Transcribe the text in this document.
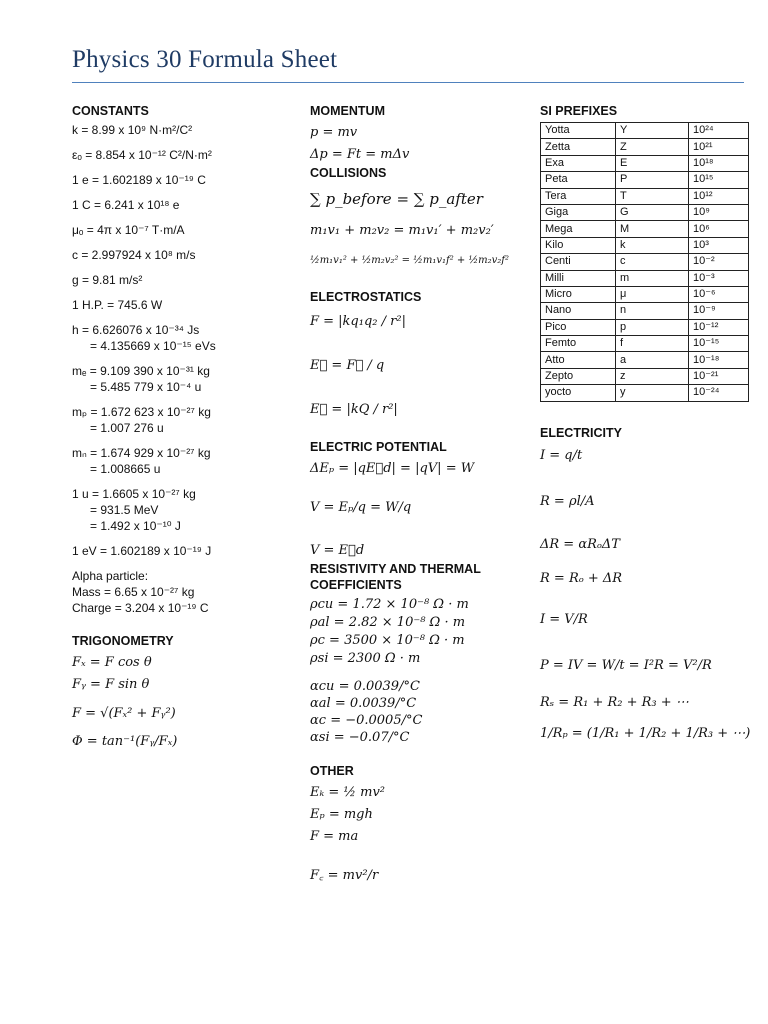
Physics 30 Formula Sheet
CONSTANTS
k = 8.99 x 10⁹ N·m²/C²
εₒ = 8.854 x 10⁻¹² C²/N·m²
1 e = 1.602189 x 10⁻¹⁹ C
1 C = 6.241 x 10¹⁸ e
μₒ = 4π x 10⁻⁷ T·m/A
c = 2.997924 x 10⁸ m/s
g = 9.81 m/s²
1 H.P. = 745.6 W
h = 6.626076 x 10⁻³⁴ Js
= 4.135669 x 10⁻¹⁵ eVs
mₑ = 9.109 390 x 10⁻³¹ kg
= 5.485 779 x 10⁻⁴ u
mₚ = 1.672 623 x 10⁻²⁷ kg
= 1.007 276 u
mₙ = 1.674 929 x 10⁻²⁷ kg
= 1.008665 u
1 u = 1.6605 x 10⁻²⁷ kg
= 931.5 MeV
= 1.492 x 10⁻¹⁰ J
1 eV = 1.602189 x 10⁻¹⁹ J
Alpha particle:
Mass = 6.65 x 10⁻²⁷ kg
Charge = 3.204 x 10⁻¹⁹ C
TRIGONOMETRY
Fₓ = F cos θ
Fᵧ = F sin θ
F = √(Fₓ² + Fᵧ²)
Φ = tan⁻¹(Fᵧ/Fₓ)
MOMENTUM
p = mv
Δp = Ft = mΔv
COLLISIONS
∑ p_before = ∑ p_after
m₁v₁ + m₂v₂ = m₁v₁′ + m₂v₂′
½m₁v₁² + ½m₂v₂² = ½m₁v₁f² + ½m₂v₂f²
ELECTROSTATICS
F = |kq₁q₂ / r²|
E⃗ = F⃗ / q
E⃗ = |kQ / r²|
ELECTRIC POTENTIAL
ΔEₚ = |qE⃗d| = |qV| = W
V = Eₚ/q = W/q
V = E⃗d
RESISTIVITY AND THERMAL
COEFFICIENTS
ρcu = 1.72 × 10⁻⁸ Ω · m
ρal = 2.82 × 10⁻⁸ Ω · m
ρc = 3500 × 10⁻⁸ Ω · m
ρsi = 2300 Ω · m
αcu = 0.0039/°C
αal = 0.0039/°C
αc = −0.0005/°C
αsi = −0.07/°C
OTHER
Eₖ = ½ mv²
Eₚ = mgh
F = ma
F꜀ = mv²/r
SI PREFIXES
Yotta	Y	10²⁴
Zetta	Z	10²¹
Exa	E	10¹⁸
Peta	P	10¹⁵
Tera	T	10¹²
Giga	G	10⁹
Mega	M	10⁶
Kilo	k	10³
Centi	c	10⁻²
Milli	m	10⁻³
Micro	μ	10⁻⁶
Nano	n	10⁻⁹
Pico	p	10⁻¹²
Femto	f	10⁻¹⁵
Atto	a	10⁻¹⁸
Zepto	z	10⁻²¹
yocto	y	10⁻²⁴
ELECTRICITY
I = q/t
R = ρl/A
ΔR = αRₒΔT
R = Rₒ + ΔR
I = V/R
P = IV = W/t = I²R = V²/R
Rₛ = R₁ + R₂ + R₃ + ⋯
1/Rₚ = (1/R₁ + 1/R₂ + 1/R₃ + ⋯)
